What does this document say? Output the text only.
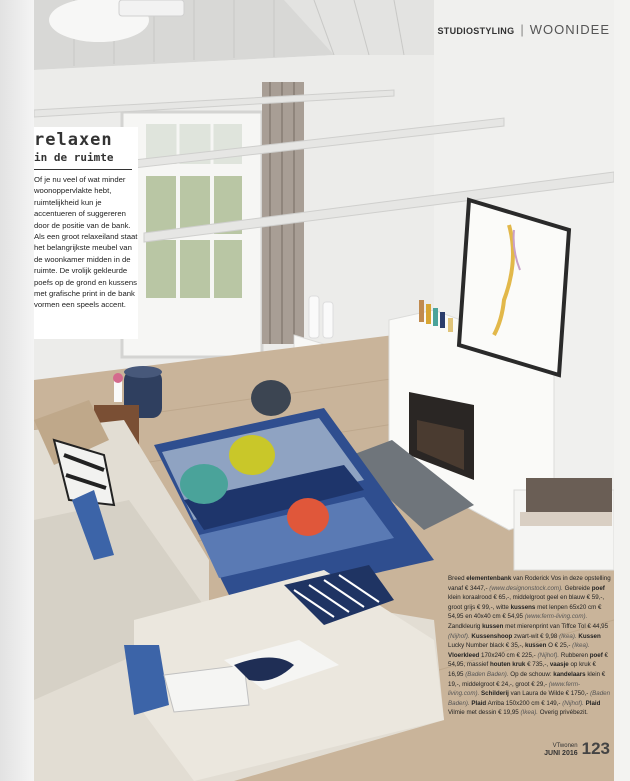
STUDIOSTYLING | WOONIDEE
relaxen
in de ruimte

Of je nu veel of wat minder woonoppervlakte hebt, ruimtelijkheid kun je accentueren of suggereren door de positie van de bank. Als een groot relaxeiland staat het belangrijkste meubel van de woonkamer midden in de ruimte. De vrolijk gekleurde poefs op de grond en kussens met grafische print in de bank vormen een speels accent.

Breed elementenbank van Roderick Vos in deze opstelling vanaf € 3447,- (www.designonstock.com). Gebreide poef klein koraalrood € 65,-, middelgroot geel en blauw € 59,-, groot grijs € 99,-, witte kussens met lenpen 65x20 cm € 54,95 en 40x40 cm € 54,95 (www.ferm-living.com). Zandkleurig kussen met mierenprint van Tiffce Tol € 44,95 (Nijhof). Kussenshoop zwart-wit € 9,98 (Ikea). Kussen Lucky Number black € 35,-, kussen O € 25,- (Ikea). Vloerkleed 170x240 cm € 225,- (Nijhof). Rubberen poef € 54,95, massief houten kruk € 735,-, vaasje op kruk € 16,95 (Baden Baden). Op de schouw: kandelaars klein € 19,-, middelgroot € 24,-, groot € 29,- (www.ferm-living.com). Schilderij van Laura de Wilde € 1750,- (Baden Baden). Plaid Arriba 150x200 cm € 149,- (Nijhof). Plaid Vilmie met dessin € 19,95 (Ikea). Overig privébezit.
VTwonen
JUNI 2016 123
